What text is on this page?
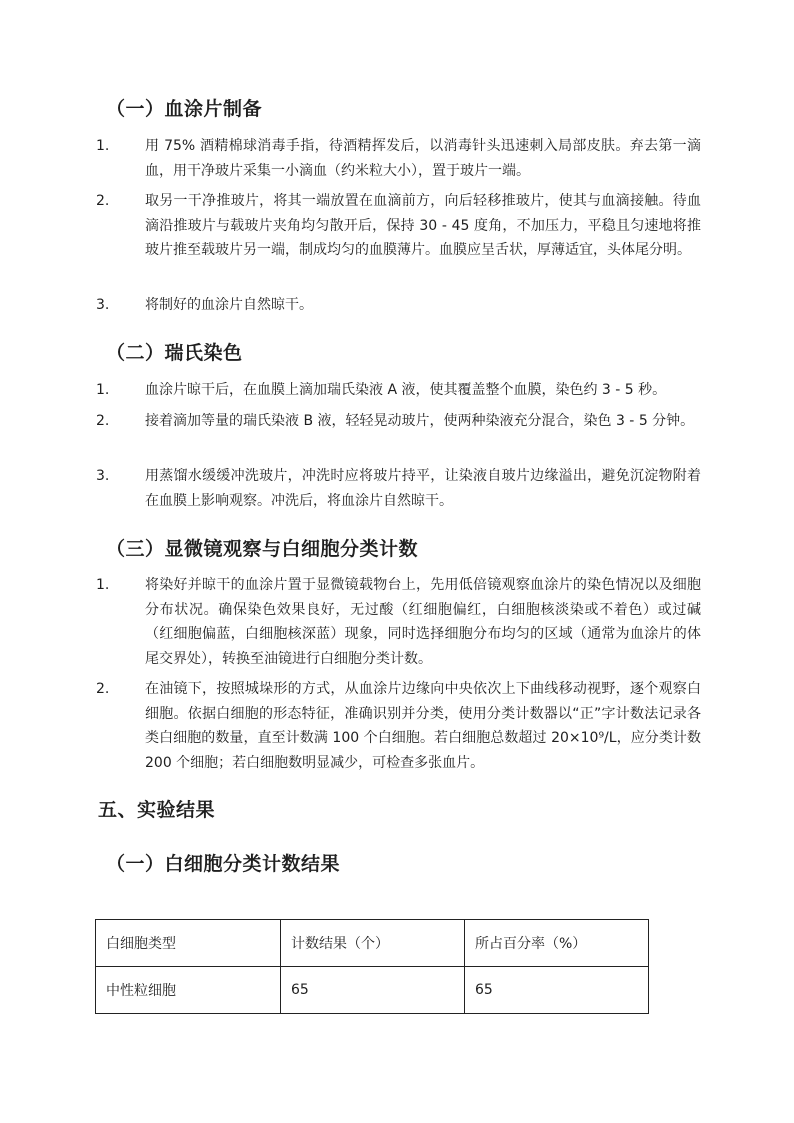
（一）血涂片制备
1.	用 75% 酒精棉球消毒手指，待酒精挥发后，以消毒针头迅速刺入局部皮肤。弃去第一滴血，用干净玻片采集一小滴血（约米粒大小），置于玻片一端。
2.	取另一干净推玻片，将其一端放置在血滴前方，向后轻移推玻片，使其与血滴接触。待血滴沿推玻片与载玻片夹角均匀散开后，保持 30 - 45 度角，不加压力，平稳且匀速地将推玻片推至载玻片另一端，制成均匀的血膜薄片。血膜应呈舌状，厚薄适宜，头体尾分明。
3.	将制好的血涂片自然晾干。
（二）瑞氏染色
1.	血涂片晾干后，在血膜上滴加瑞氏染液 A 液，使其覆盖整个血膜，染色约 3 - 5 秒。
2.	接着滴加等量的瑞氏染液 B 液，轻轻晃动玻片，使两种染液充分混合，染色 3 - 5 分钟。
3.	用蒸馏水缓缓冲洗玻片，冲洗时应将玻片持平，让染液自玻片边缘溢出，避免沉淀物附着在血膜上影响观察。冲洗后，将血涂片自然晾干。
（三）显微镜观察与白细胞分类计数
1.	将染好并晾干的血涂片置于显微镜载物台上，先用低倍镜观察血涂片的染色情况以及细胞分布状况。确保染色效果良好，无过酸（红细胞偏红，白细胞核淡染或不着色）或过碱（红细胞偏蓝，白细胞核深蓝）现象，同时选择细胞分布均匀的区域（通常为血涂片的体尾交界处），转换至油镜进行白细胞分类计数。
2.	在油镜下，按照城垛形的方式，从血涂片边缘向中央依次上下曲线移动视野，逐个观察白细胞。依据白细胞的形态特征，准确识别并分类，使用分类计数器以“正”字计数法记录各类白细胞的数量，直至计数满 100 个白细胞。若白细胞总数超过 20×10⁹/L，应分类计数 200 个细胞；若白细胞数明显减少，可检查多张血片。
五、实验结果
（一）白细胞分类计数结果
白细胞类型	计数结果（个）	所占百分率（%）
中性粒细胞	65	65
